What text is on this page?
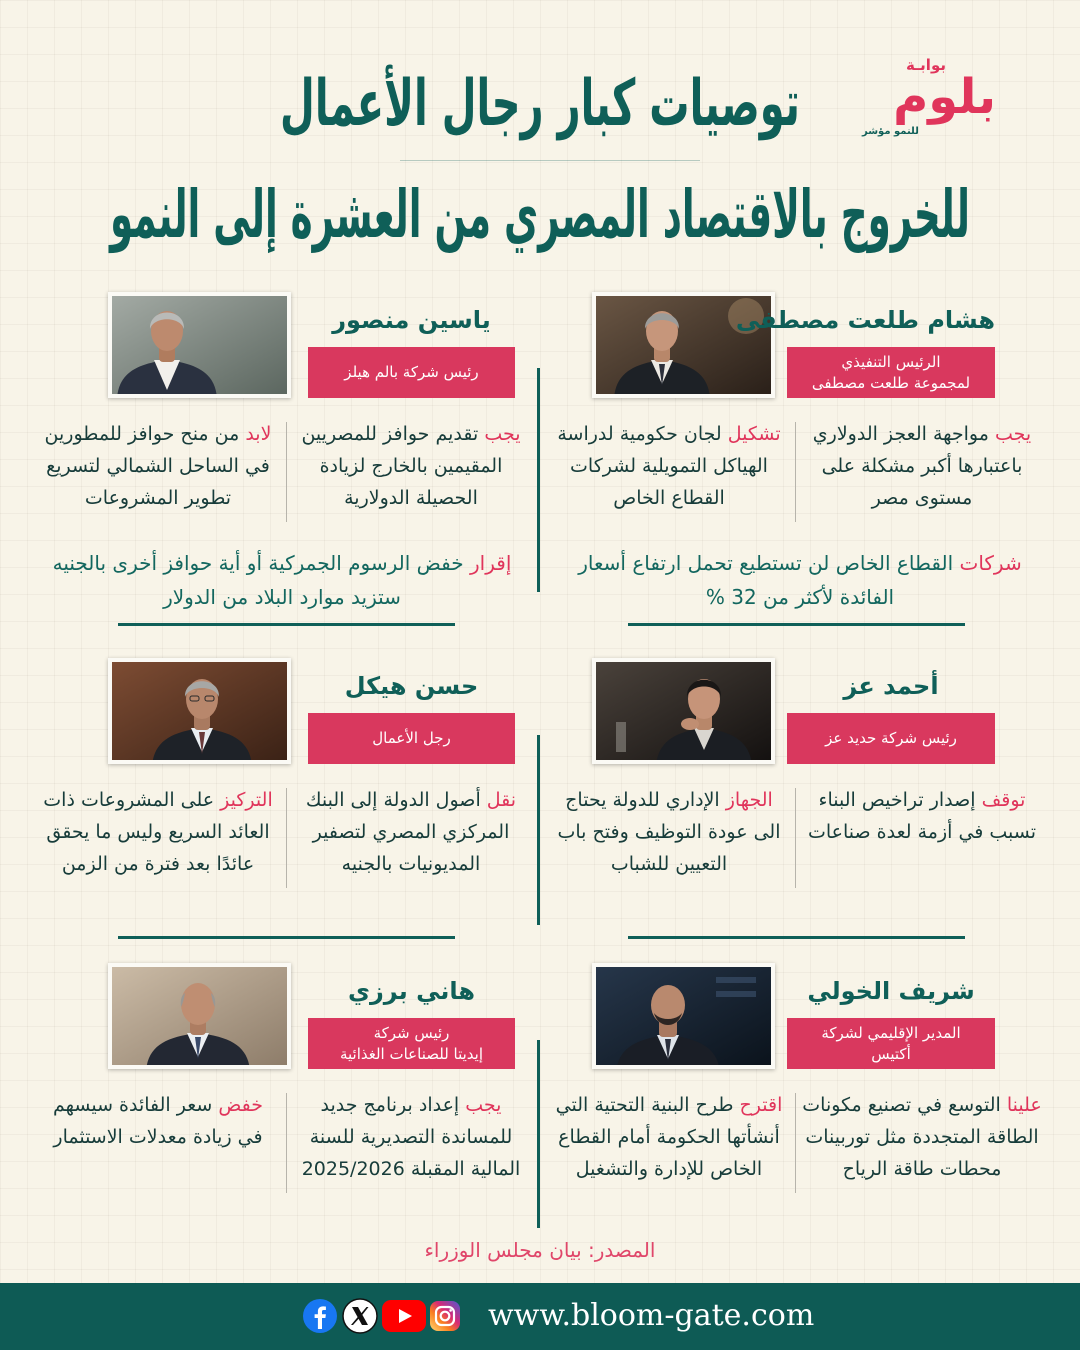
بوابـة
بلوم
للنمو مؤشر
توصيات كبار رجال الأعمال
للخروج بالاقتصاد المصري من العشرة إلى النمو
هشام طلعت مصطفى
الرئيس التنفيذي
لمجموعة طلعت مصطفى
يجب مواجهة العجز الدولاري باعتبارها أكبر مشكلة على مستوى مصر
تشكيل لجان حكومية لدراسة الهياكل التمويلية لشركات القطاع الخاص
شركات القطاع الخاص لن تستطيع تحمل ارتفاع أسعار الفائدة لأكثر من 32 %
ياسين منصور
رئيس شركة بالم هيلز
يجب تقديم حوافز للمصريين المقيمين بالخارج لزيادة الحصيلة الدولارية
لابد من منح حوافز للمطورين في الساحل الشمالي لتسريع تطوير المشروعات
إقرار خفض الرسوم الجمركية أو أية حوافز أخرى بالجنيه ستزيد موارد البلاد من الدولار
أحمد عز
رئيس شركة حديد عز
توقف إصدار تراخيص البناء تسبب في أزمة لعدة صناعات
الجهاز الإداري للدولة يحتاج الى عودة التوظيف وفتح باب التعيين للشباب
حسن هيكل
رجل الأعمال
نقل أصول الدولة إلى البنك المركزي المصري لتصفير المديونيات بالجنيه
التركيز على المشروعات ذات العائد السريع وليس ما يحقق عائدًا بعد فترة من الزمن
شريف الخولي
المدير الإقليمي لشركة
أكتيس
علينا التوسع في تصنيع مكونات الطاقة المتجددة مثل توربينات محطات طاقة الرياح
اقترح طرح البنية التحتية التي أنشأتها الحكومة أمام القطاع الخاص للإدارة والتشغيل
هاني برزي
رئيس شركة
إيديتا للصناعات الغذائية
يجب إعداد برنامج جديد للمساندة التصديرية للسنة المالية المقبلة 2025/2026
خفض سعر الفائدة سيسهم في زيادة معدلات الاستثمار
المصدر: بيان مجلس الوزراء
www.bloom-gate.com
